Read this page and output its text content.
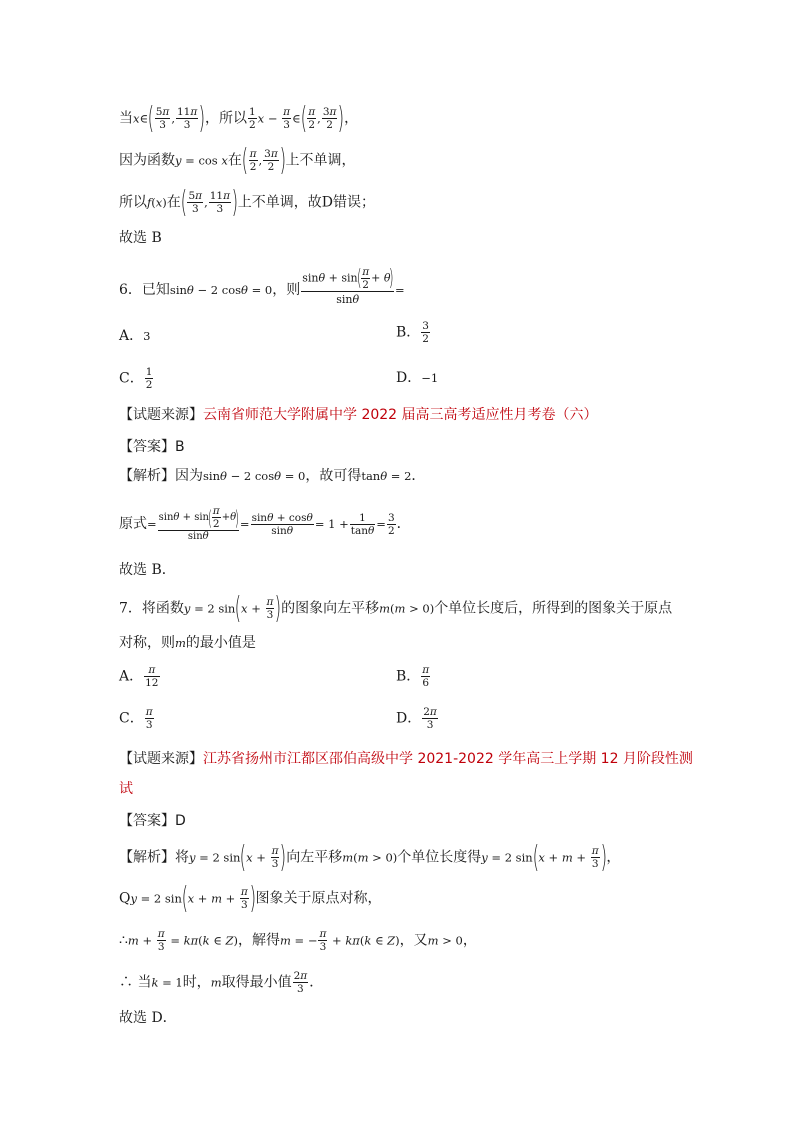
当x∈( $\frac{5\pi}{3}$ , $\frac{11\pi}{3}$ )，所以 $\frac{1}{2}$ $x - \frac{\pi}{3}$ ∈( $\frac{\pi}{2}$ , $\frac{3\pi}{2}$ )，
因为函数y = cos x在( $\frac{\pi}{2}$ , $\frac{3\pi}{2}$ )上不单调，
所以f(x)在( $\frac{5\pi}{3}$ , $\frac{11\pi}{3}$ )上不单调，故D错误；
故选 B
6．已知sinθ − 2 cosθ = 0，则 $\frac{\sin\theta + \sin( \frac{\pi}{2} + \theta)}{\sin\theta}$ =
A．3	B． $\frac{3}{2}$
C． $\frac{1}{2}$	D．−1
【试题来源】云南省师范大学附属中学 2022 届高三高考适应性月考卷（六）
【答案】B
【解析】因为sinθ − 2 cosθ = 0，故可得tanθ = 2．
原式= $\frac{\sin\theta + \sin( \frac{\pi}{2} +\theta)}{\sin\theta} = \frac{\sin\theta + \cos\theta}{\sin\theta} = 1 + \frac{1}{\tan\theta} = \frac{3}{2}$ ．
故选 B．
7．将函数y = 2 $\sin(x + \frac{\pi}{3}$ )的图象向左平移m(m > 0)个单位长度后，所得到的图象关于原点
对称，则m的最小值是
A． $\frac{\pi}{12}$	B． $\frac{\pi}{6}$
C． $\frac{\pi}{3}$	D． $\frac{2\pi}{3}$
【试题来源】江苏省扬州市江都区邵伯高级中学 2021-2022 学年高三上学期 12 月阶段性测
试
【答案】D
【解析】将y = 2 $\sin(x + \frac{\pi}{3}$ )向左平移m(m > 0)个单位长度得y = 2 $\sin(x + m + \frac{\pi}{3}$ )，
Qy = 2 $\sin(x + m + \frac{\pi}{3}$ )图象关于原点对称，
∴m + $\frac{\pi}{3} = k\pi(k$ ∈ Z)，解得m = − $\frac{\pi}{3} + k\pi(k$ ∈ Z)，又m > 0，
∴ 当k = 1时，m取得最小值 $\frac{2\pi}{3}$ ．
故选 D．
